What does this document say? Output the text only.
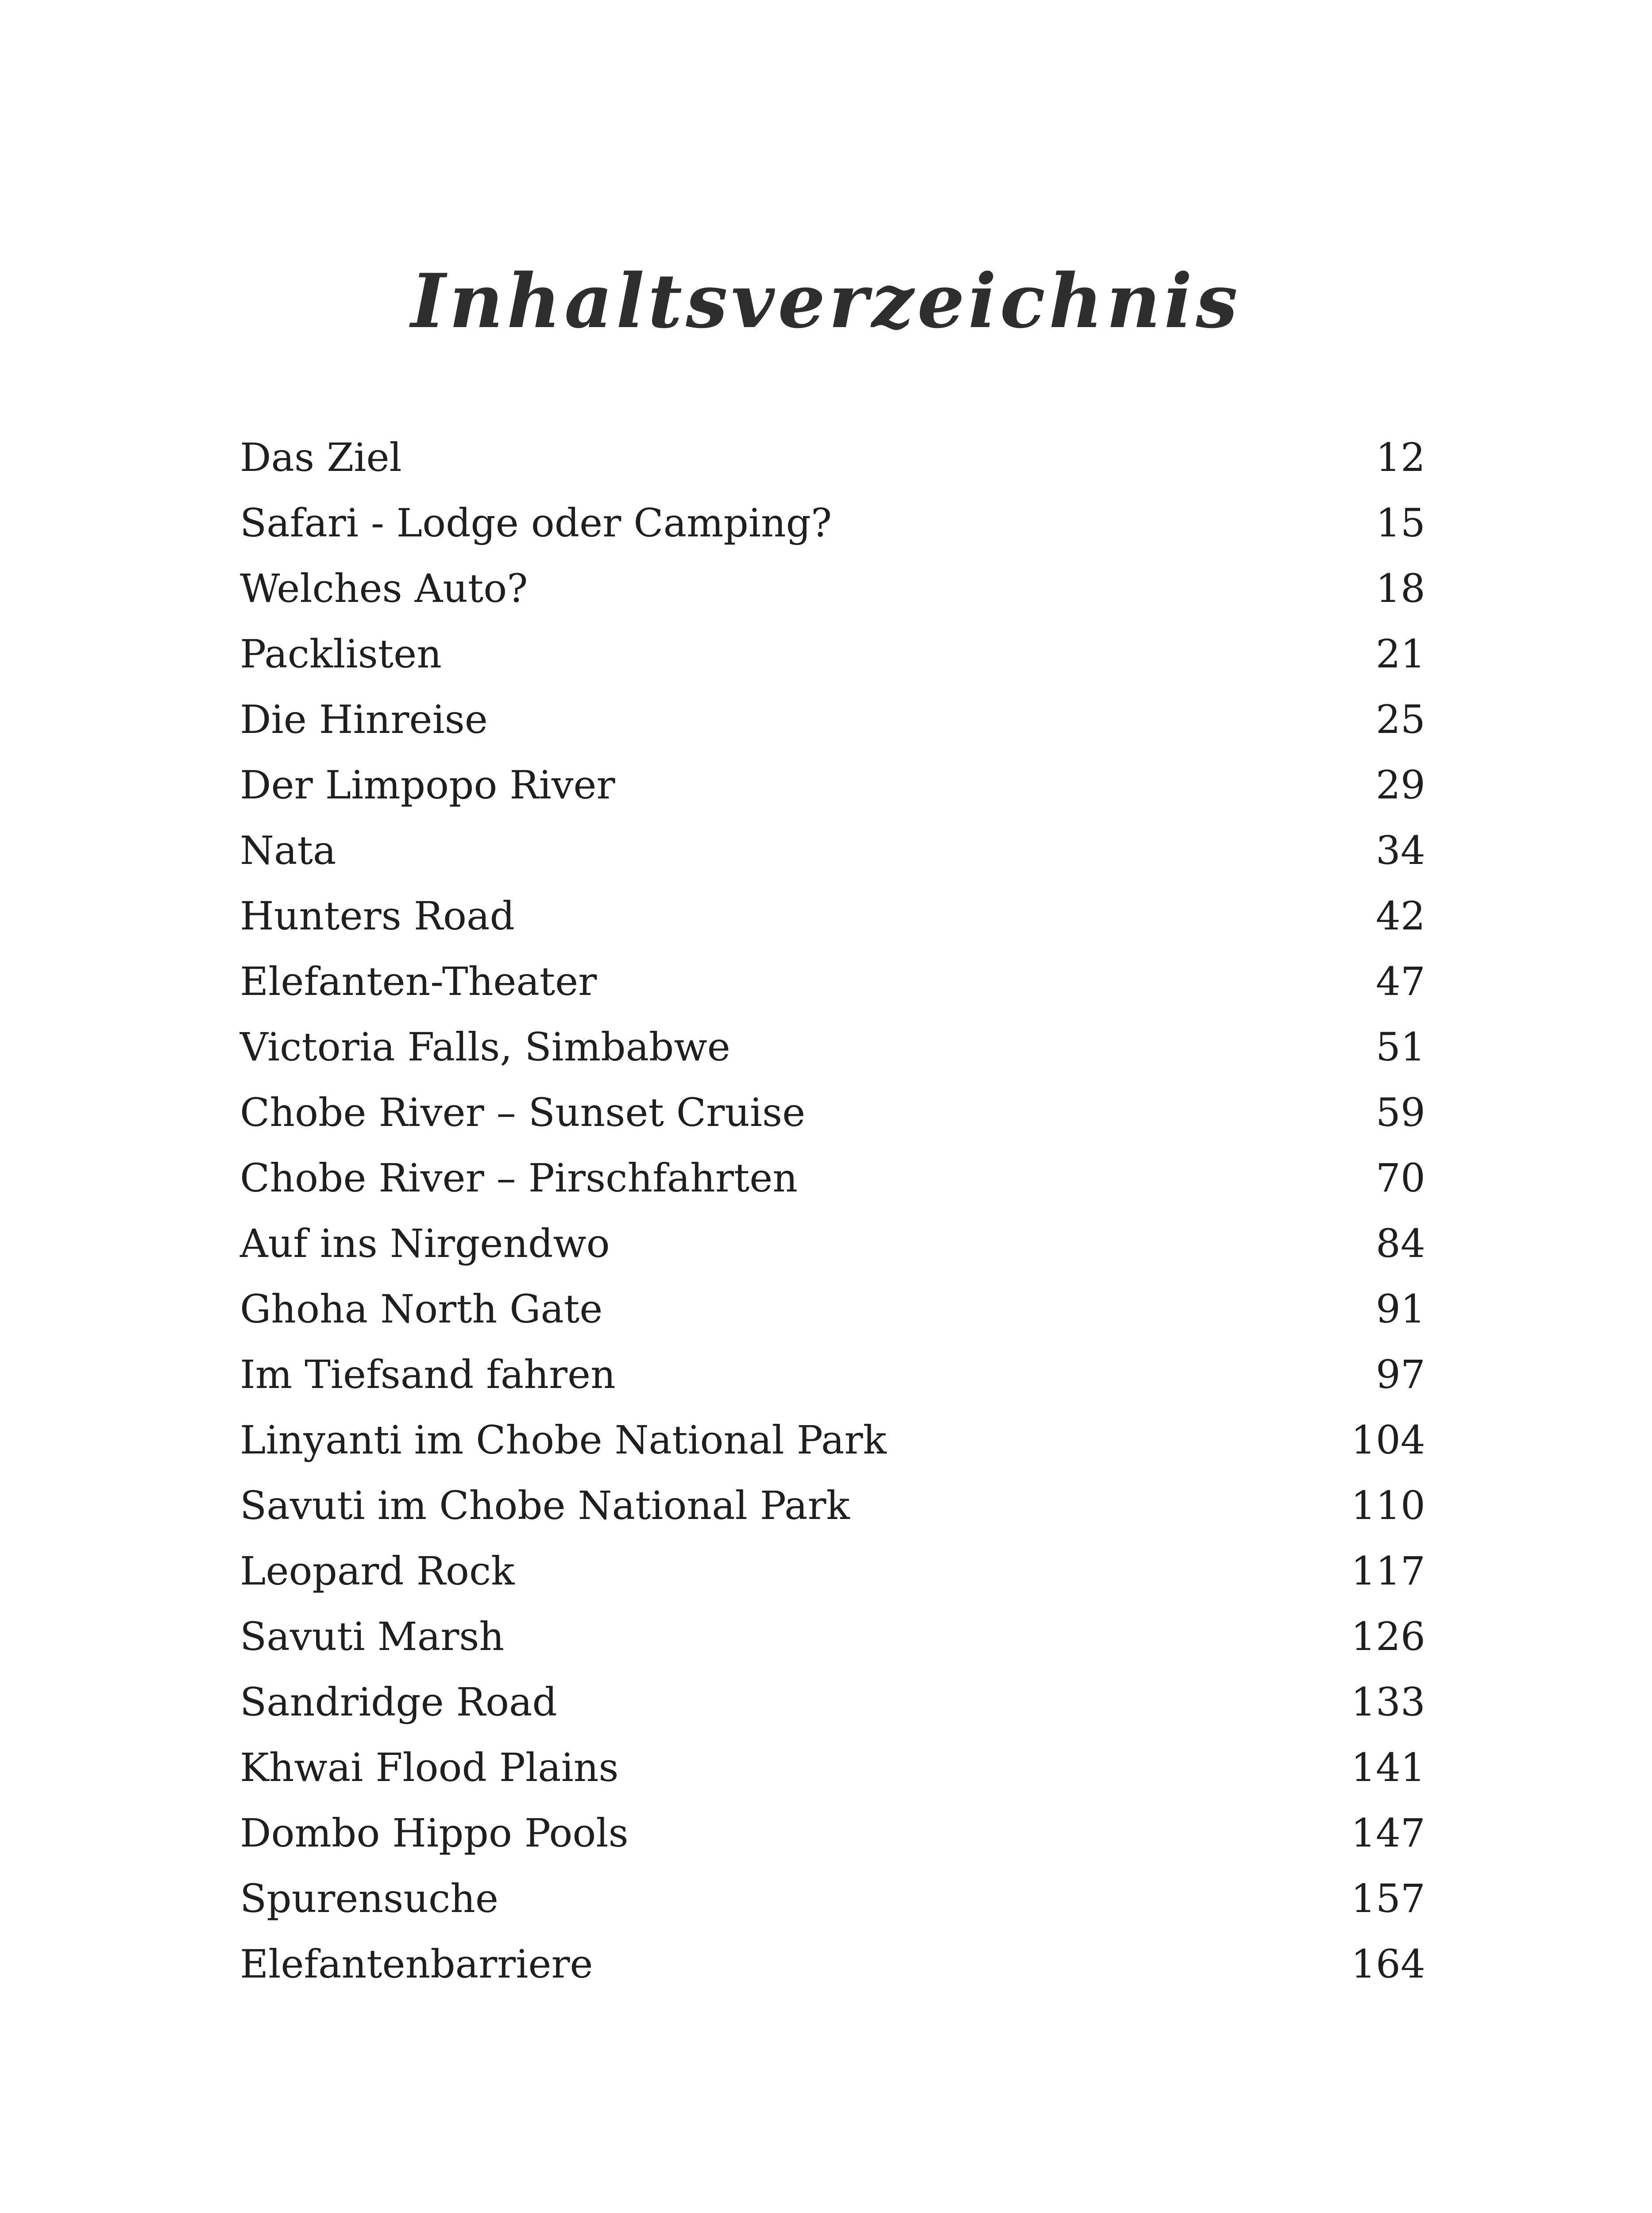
Inhaltsverzeichnis
Das Ziel	12
Safari - Lodge oder Camping?	15
Welches Auto?	18
Packlisten	21
Die Hinreise	25
Der Limpopo River	29
Nata	34
Hunters Road	42
Elefanten-Theater	47
Victoria Falls, Simbabwe	51
Chobe River – Sunset Cruise	59
Chobe River – Pirschfahrten	70
Auf ins Nirgendwo	84
Ghoha North Gate	91
Im Tiefsand fahren	97
Linyanti im Chobe National Park	104
Savuti im Chobe National Park	110
Leopard Rock	117
Savuti Marsh	126
Sandridge Road	133
Khwai Flood Plains	141
Dombo Hippo Pools	147
Spurensuche	157
Elefantenbarriere	164
